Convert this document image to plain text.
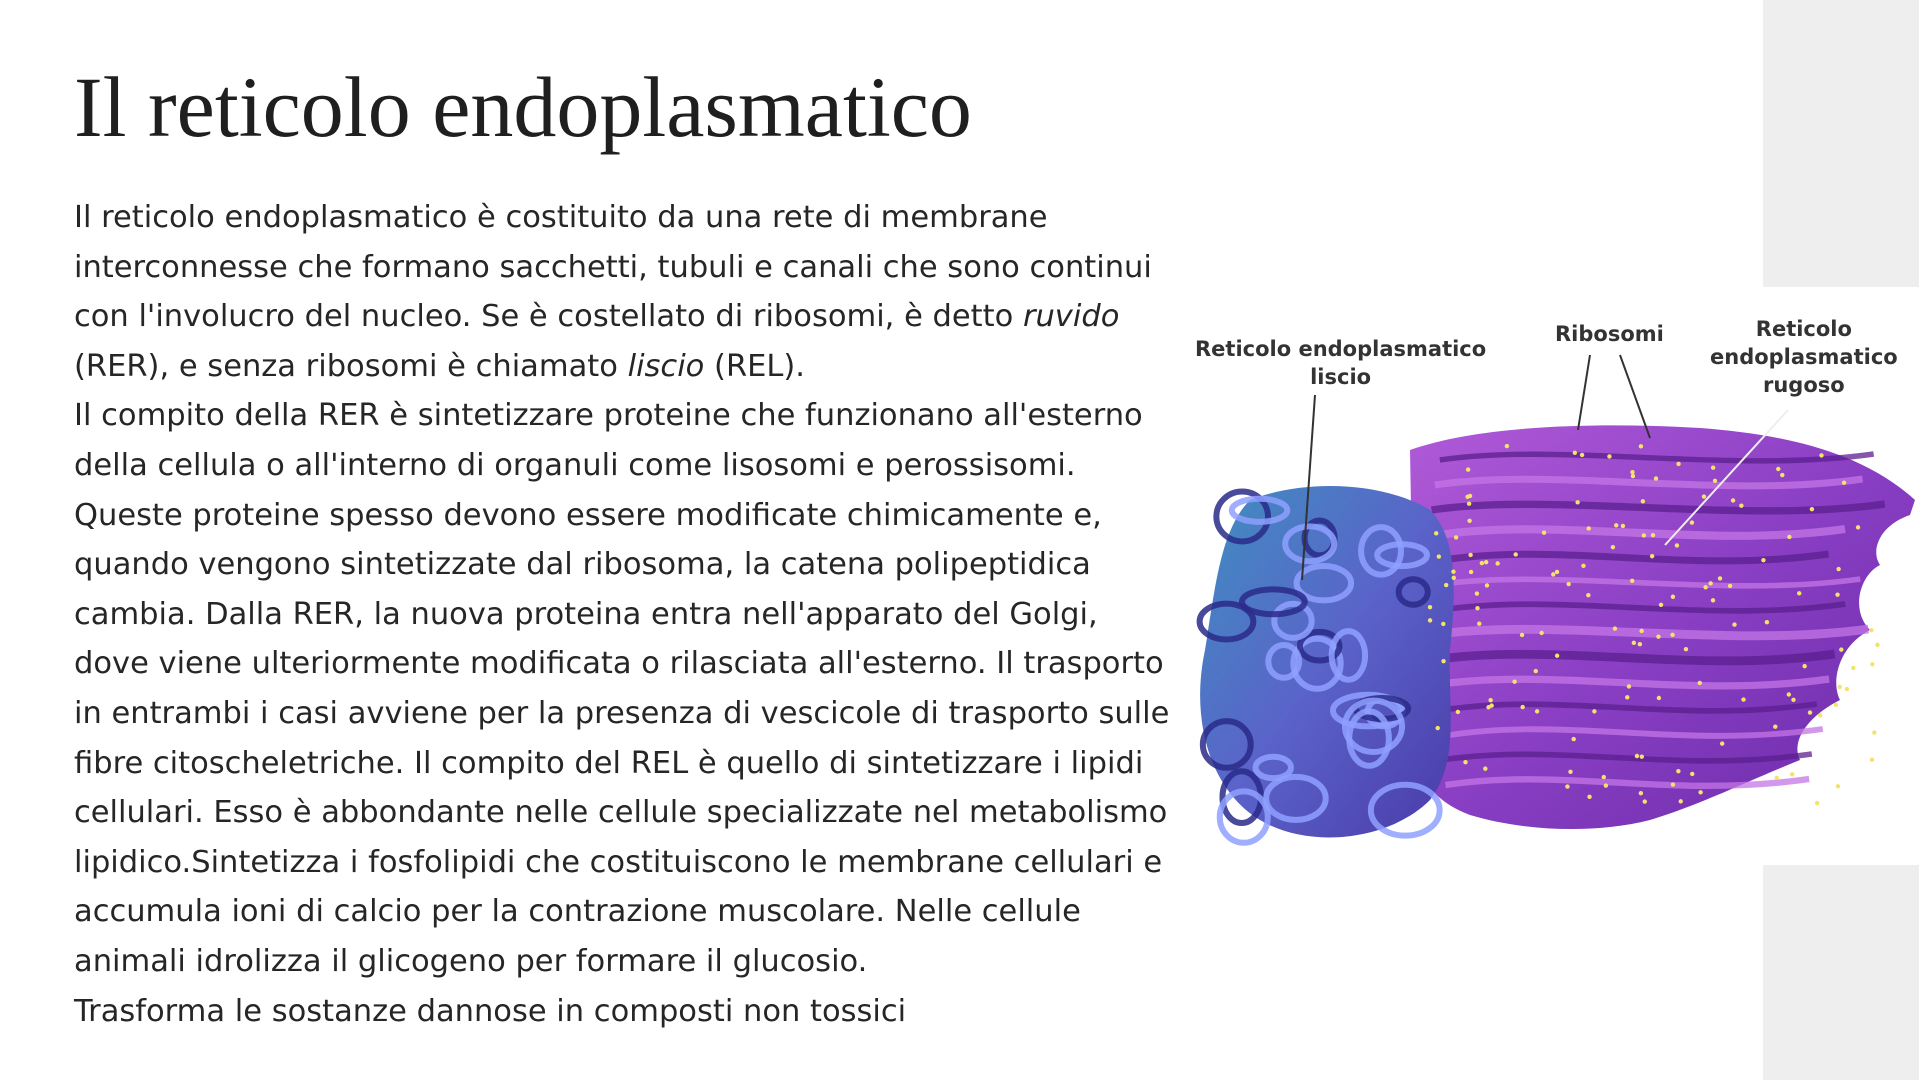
Il reticolo endoplasmatico
Il reticolo endoplasmatico è costituito da una rete di membrane
interconnesse che formano sacchetti, tubuli e canali che sono continui
con l'involucro del nucleo. Se è costellato di ribosomi, è detto ruvido
(RER), e senza ribosomi è chiamato liscio (REL).
Il compito della RER è sintetizzare proteine che funzionano all'esterno
della cellula o all'interno di organuli come lisosomi e perossisomi.
Queste proteine spesso devono essere modificate chimicamente e,
quando vengono sintetizzate dal ribosoma, la catena polipeptidica
cambia. Dalla RER, la nuova proteina entra nell'apparato del Golgi,
dove viene ulteriormente modificata o rilasciata all'esterno. Il trasporto
in entrambi i casi avviene per la presenza di vescicole di trasporto sulle
fibre citoscheletriche. Il compito del REL è quello di sintetizzare i lipidi
cellulari. Esso è abbondante nelle cellule specializzate nel metabolismo
lipidico.Sintetizza i fosfolipidi che costituiscono le membrane cellulari e
accumula ioni di calcio per la contrazione muscolare. Nelle cellule
animali idrolizza il glicogeno per formare il glucosio.
Trasforma le sostanze dannose in composti non tossici
Reticolo endoplasmatico
liscio
Ribosomi	Reticolo
endoplasmatico
rugoso
